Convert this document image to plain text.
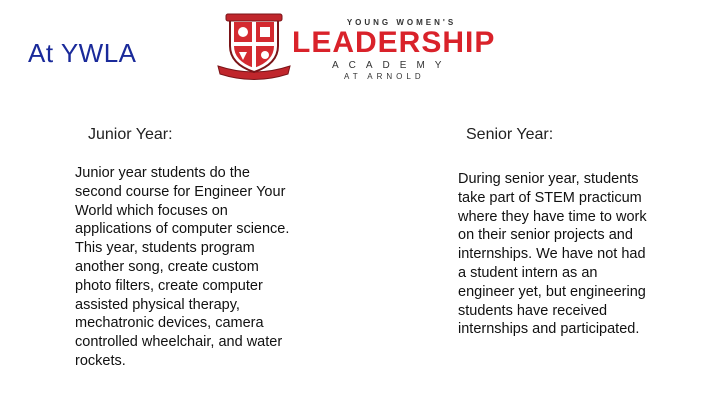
At YWLA
YOUNG WOMEN'S
LEADERSHIP
ACADEMY
AT ARNOLD
Junior Year:
Junior year students do the second course for Engineer Your World which focuses on applications of computer science. This year, students program another song, create custom photo filters, create computer assisted physical therapy, mechatronic devices, camera controlled wheelchair, and water rockets.
Senior Year:
During senior year, students take part of STEM practicum where they have time to work on their senior projects and internships. We have not had a student intern as an engineer yet, but engineering students have received internships and participated.
